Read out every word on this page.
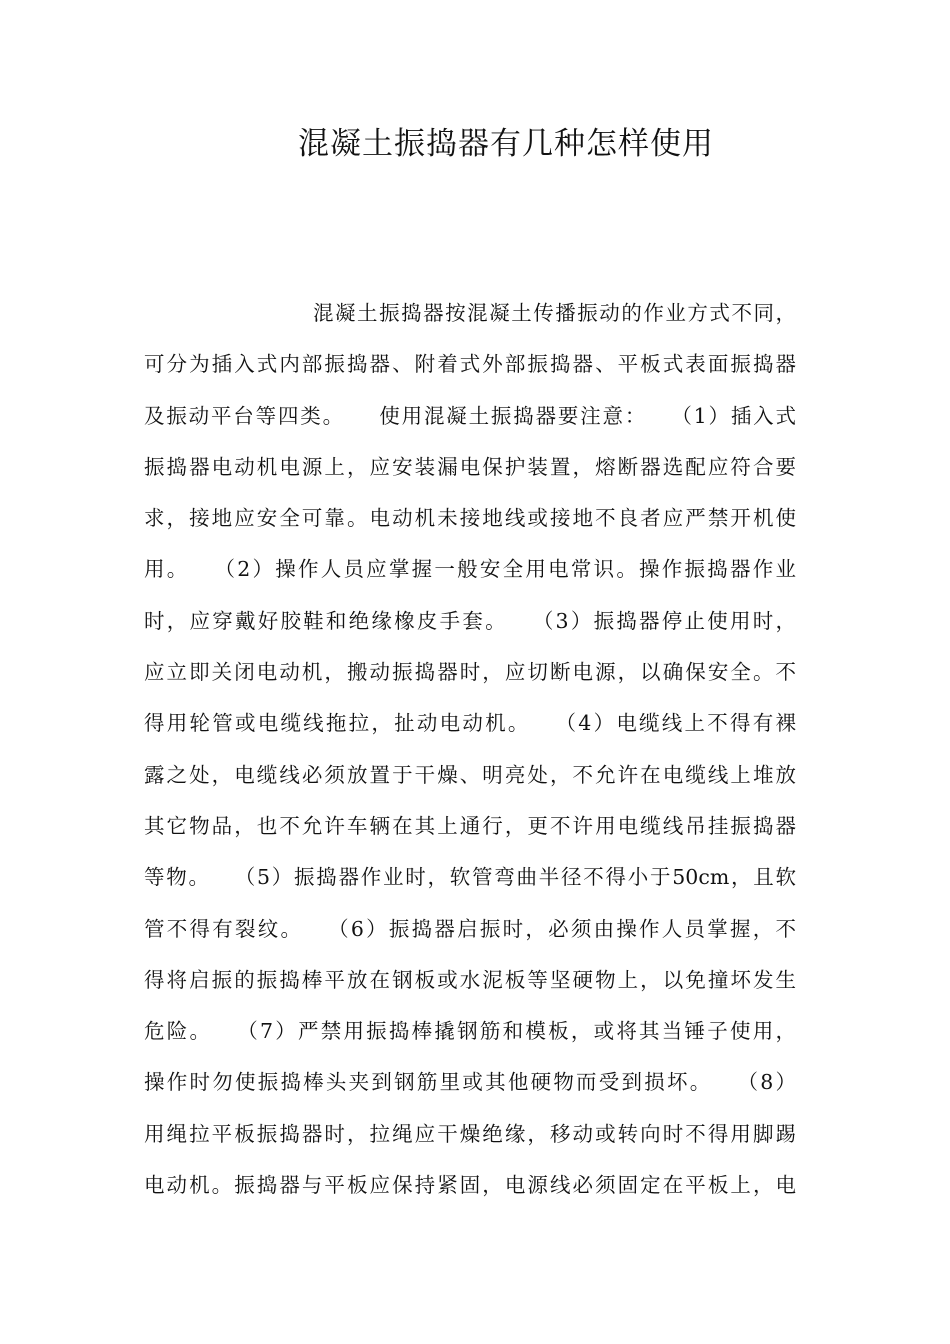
混凝土振捣器有几种怎样使用
混凝土振捣器按混凝土传播振动的作业方式不同，
可分为插入式内部振捣器、附着式外部振捣器、平板式表面振捣器
及振动平台等四类。　　使用混凝土振捣器要注意：　　（1）插入式
振捣器电动机电源上，应安装漏电保护装置，熔断器选配应符合要
求，接地应安全可靠。电动机未接地线或接地不良者应严禁开机使
用。　　（2）操作人员应掌握一般安全用电常识。操作振捣器作业
时，应穿戴好胶鞋和绝缘橡皮手套。　　（3）振捣器停止使用时，
应立即关闭电动机，搬动振捣器时，应切断电源，以确保安全。不
得用轮管或电缆线拖拉，扯动电动机。　　（4）电缆线上不得有裸
露之处，电缆线必须放置于干燥、明亮处，不允许在电缆线上堆放
其它物品，也不允许车辆在其上通行，更不许用电缆线吊挂振捣器
等物。　　（5）振捣器作业时，软管弯曲半径不得小于50cm，且软
管不得有裂纹。　　（6）振捣器启振时，必须由操作人员掌握，不
得将启振的振捣棒平放在钢板或水泥板等坚硬物上，以免撞坏发生
危险。　　（7）严禁用振捣棒撬钢筋和模板，或将其当锤子使用，
操作时勿使振捣棒头夹到钢筋里或其他硬物而受到损坏。　　（8）
用绳拉平板振捣器时，拉绳应干燥绝缘，移动或转向时不得用脚踢
电动机。振捣器与平板应保持紧固，电源线必须固定在平板上，电
